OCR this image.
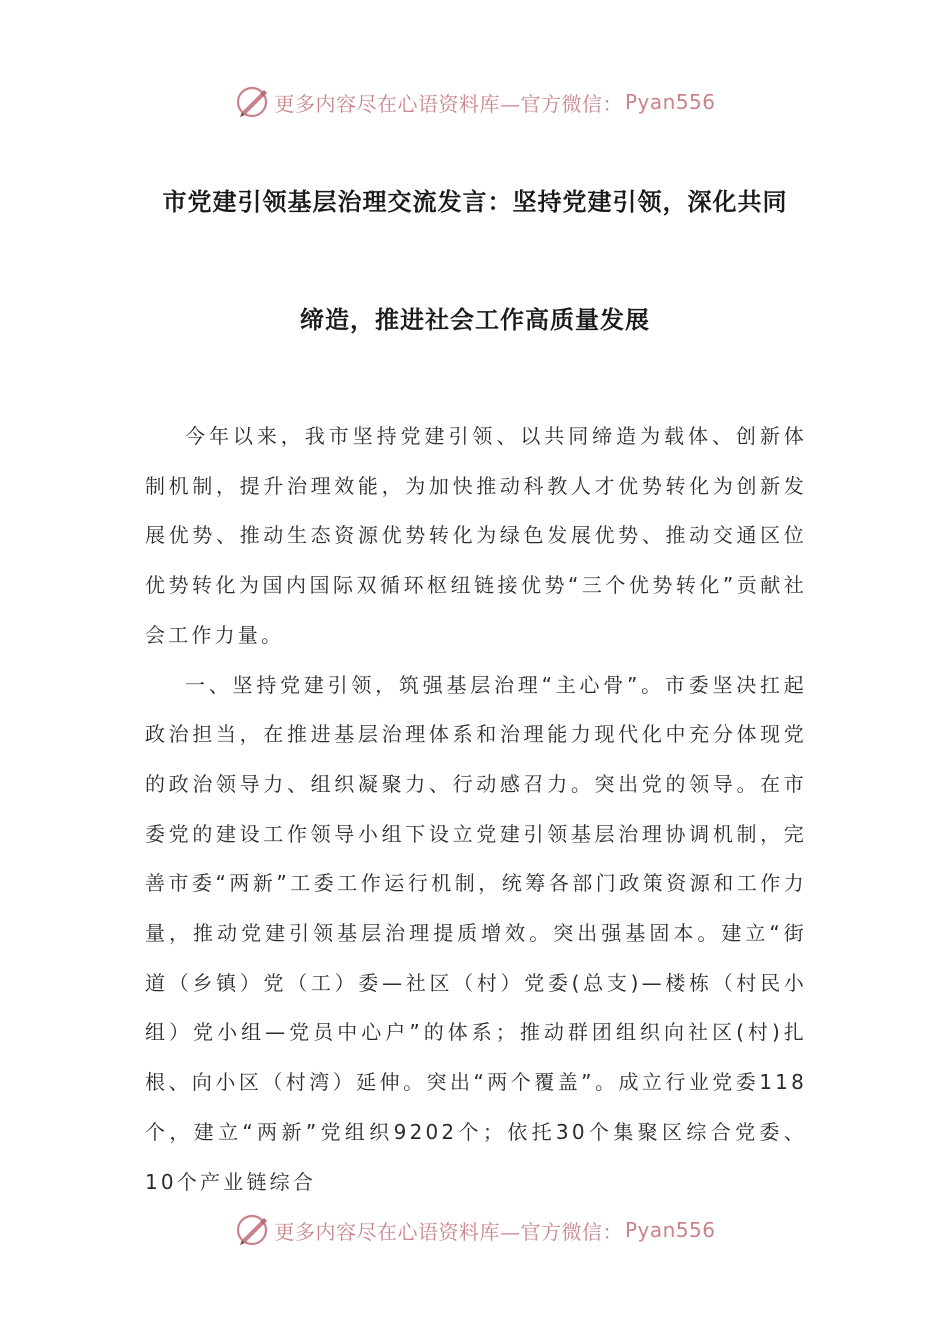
更多内容尽在心语资料库—官方微信： Pyan556
市党建引领基层治理交流发言：坚持党建引领，深化共同
缔造，推进社会工作高质量发展

今年以来，我市坚持党建引领、以共同缔造为载体、创新体制机制，提升治理效能，为加快推动科教人才优势转化为创新发展优势、推动生态资源优势转化为绿色发展优势、推动交通区位优势转化为国内国际双循环枢纽链接优势“三个优势转化”贡献社会工作力量。

一、坚持党建引领，筑强基层治理“主心骨”。市委坚决扛起政治担当，在推进基层治理体系和治理能力现代化中充分体现党的政治领导力、组织凝聚力、行动感召力。突出党的领导。在市委党的建设工作领导小组下设立党建引领基层治理协调机制，完善市委“两新”工委工作运行机制，统筹各部门政策资源和工作力量，推动党建引领基层治理提质增效。突出强基固本。建立“街道（乡镇）党（工）委—社区（村）党委(总支)—楼栋（村民小组）党小组—党员中心户”的体系；推动群团组织向社区(村)扎根、向小区（村湾）延伸。突出“两个覆盖”。成立行业党委118个，建立“两新”党组织9202个；依托30个集聚区综合党委、10个产业链综合

更多内容尽在心语资料库—官方微信： Pyan556
